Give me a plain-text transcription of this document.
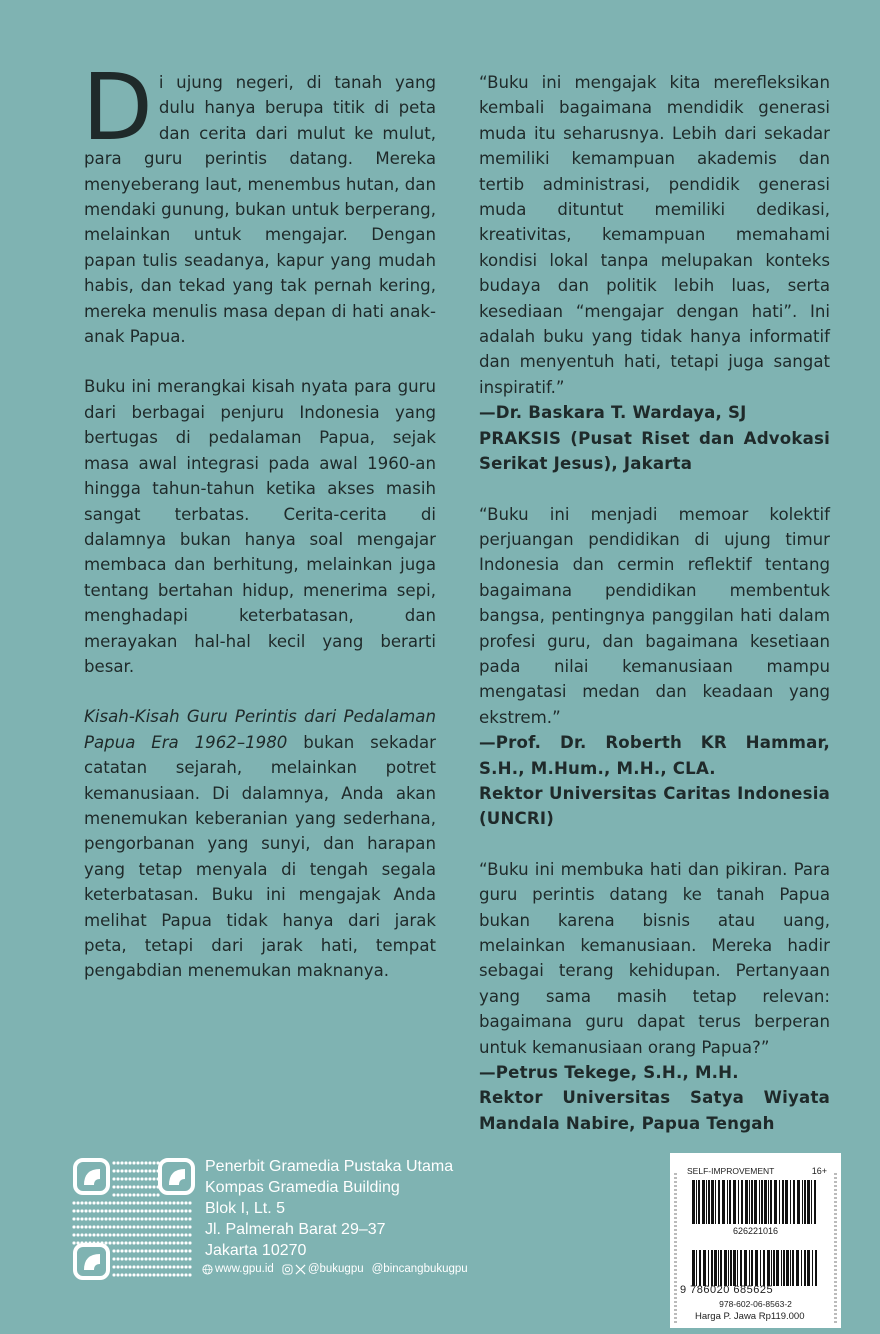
Di ujung negeri, di tanah yang dulu hanya berupa titik di peta dan cerita dari mulut ke mulut, para guru perintis datang. Mereka menyeberang laut, menembus hutan, dan mendaki gunung, bukan untuk berperang, melainkan untuk mengajar. Dengan papan tulis seadanya, kapur yang mudah habis, dan tekad yang tak pernah kering, mereka menulis masa depan di hati anak-anak Papua.

Buku ini merangkai kisah nyata para guru dari berbagai penjuru Indonesia yang bertugas di pedalaman Papua, sejak masa awal integrasi pada awal 1960-an hingga tahun-tahun ketika akses masih sangat terbatas. Cerita-cerita di dalamnya bukan hanya soal mengajar membaca dan berhitung, melainkan juga tentang bertahan hidup, menerima sepi, menghadapi keterbatasan, dan merayakan hal-hal kecil yang berarti besar.

Kisah-Kisah Guru Perintis dari Pedalaman Papua Era 1962–1980 bukan sekadar catatan sejarah, melainkan potret kemanusiaan. Di dalamnya, Anda akan menemukan keberanian yang sederhana, pengorbanan yang sunyi, dan harapan yang tetap menyala di tengah segala keterbatasan. Buku ini mengajak Anda melihat Papua tidak hanya dari jarak peta, tetapi dari jarak hati, tempat pengabdian menemukan maknanya.

“Buku ini mengajak kita merefleksikan kembali bagaimana mendidik generasi muda itu seharusnya. Lebih dari sekadar memiliki kemampuan akademis dan tertib administrasi, pendidik generasi muda dituntut memiliki dedikasi, kreativitas, kemampuan memahami kondisi lokal tanpa melupakan konteks budaya dan politik lebih luas, serta kesediaan “mengajar dengan hati”. Ini adalah buku yang tidak hanya informatif dan menyentuh hati, tetapi juga sangat inspiratif.”

—Dr. Baskara T. Wardaya, SJ

PRAKSIS (Pusat Riset dan Advokasi Serikat Jesus), Jakarta

“Buku ini menjadi memoar kolektif perjuangan pendidikan di ujung timur Indonesia dan cermin reflektif tentang bagaimana pendidikan membentuk bangsa, pentingnya panggilan hati dalam profesi guru, dan bagaimana kesetiaan pada nilai kemanusiaan mampu mengatasi medan dan keadaan yang ekstrem.”

—Prof. Dr. Roberth KR Hammar, S.H., M.Hum., M.H., CLA.

Rektor Universitas Caritas Indonesia (UNCRI)

“Buku ini membuka hati dan pikiran. Para guru perintis datang ke tanah Papua bukan karena bisnis atau uang, melainkan kemanusiaan. Mereka hadir sebagai terang kehidupan. Pertanyaan yang sama masih tetap relevan: bagaimana guru dapat terus berperan untuk kemanusiaan orang Papua?”

—Petrus Tekege, S.H., M.H.

Rektor Universitas Satya Wiyata Mandala Nabire, Papua Tengah

Penerbit Gramedia Pustaka Utama
Kompas Gramedia Building
Blok I, Lt. 5
Jl. Palmerah Barat 29–37
Jakarta 10270
www.gpu.id	@bukugpu @bincangbukugpu
SELF-IMPROVEMENT	16+
626221016
9 786020 685625
978-602-06-8563-2
Harga P. Jawa Rp119.000
